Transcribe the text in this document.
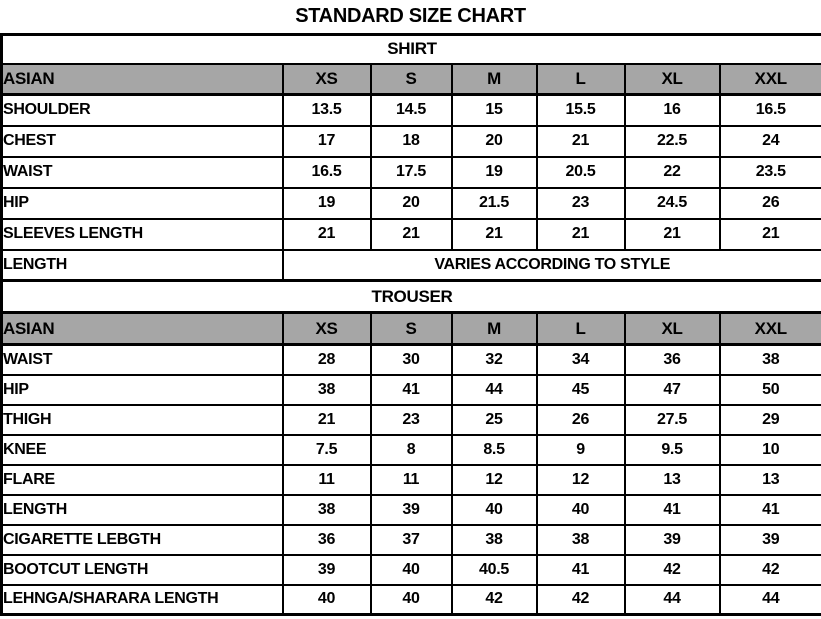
STANDARD SIZE CHART
SHIRT						
ASIAN	XS	S	M	L	XL	XXL
SHOULDER	13.5	14.5	15	15.5	16	16.5
CHEST	17	18	20	21	22.5	24
WAIST	16.5	17.5	19	20.5	22	23.5
HIP	19	20	21.5	23	24.5	26
SLEEVES LENGTH	21	21	21	21	21	21
LENGTH	VARIES ACCORDING TO STYLE					
TROUSER						
ASIAN	XS	S	M	L	XL	XXL
WAIST	28	30	32	34	36	38
HIP	38	41	44	45	47	50
THIGH	21	23	25	26	27.5	29
KNEE	7.5	8	8.5	9	9.5	10
FLARE	11	11	12	12	13	13
LENGTH	38	39	40	40	41	41
CIGARETTE LEBGTH	36	37	38	38	39	39
BOOTCUT LENGTH	39	40	40.5	41	42	42
LEHNGA/SHARARA LENGTH	40	40	42	42	44	44
